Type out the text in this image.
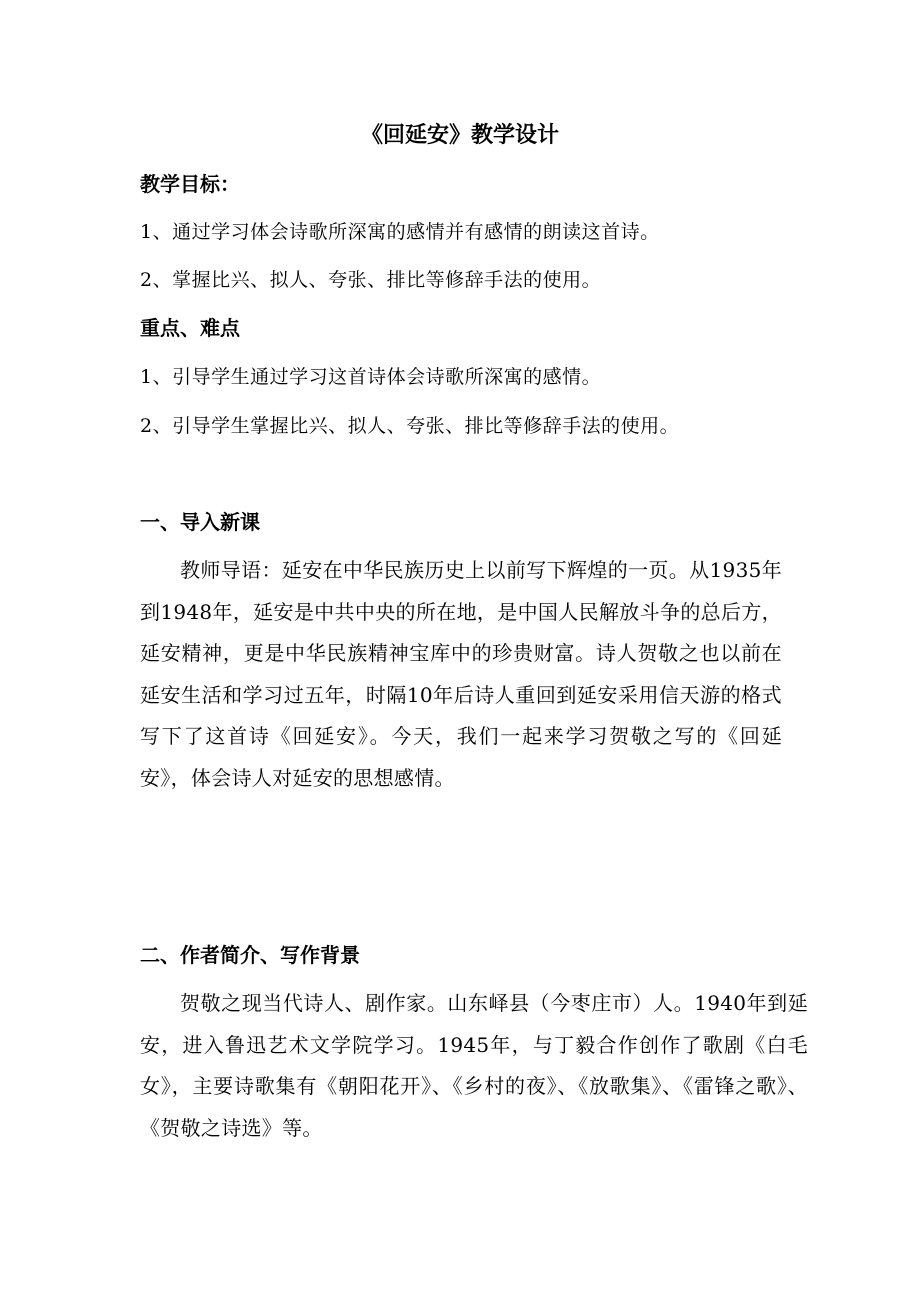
《回延安》教学设计
教学目标：
1、通过学习体会诗歌所深寓的感情并有感情的朗读这首诗。
2、掌握比兴、拟人、夸张、排比等修辞手法的使用。
重点、难点
1、引导学生通过学习这首诗体会诗歌所深寓的感情。
2、引导学生掌握比兴、拟人、夸张、排比等修辞手法的使用。
一、导入新课
教师导语：延安在中华民族历史上以前写下辉煌的一页。从1935年到1948年，延安是中共中央的所在地，是中国人民解放斗争的总后方，延安精神，更是中华民族精神宝库中的珍贵财富。诗人贺敬之也以前在延安生活和学习过五年，时隔10年后诗人重回到延安采用信天游的格式写下了这首诗《回延安》。今天，我们一起来学习贺敬之写的《回延安》，体会诗人对延安的思想感情。
二、作者简介、写作背景
贺敬之现当代诗人、剧作家。山东峄县（今枣庄市）人。1940年到延安，进入鲁迅艺术文学院学习。1945年，与丁毅合作创作了歌剧《白毛女》，主要诗歌集有《朝阳花开》、《乡村的夜》、《放歌集》、《雷锋之歌》、《贺敬之诗选》等。
